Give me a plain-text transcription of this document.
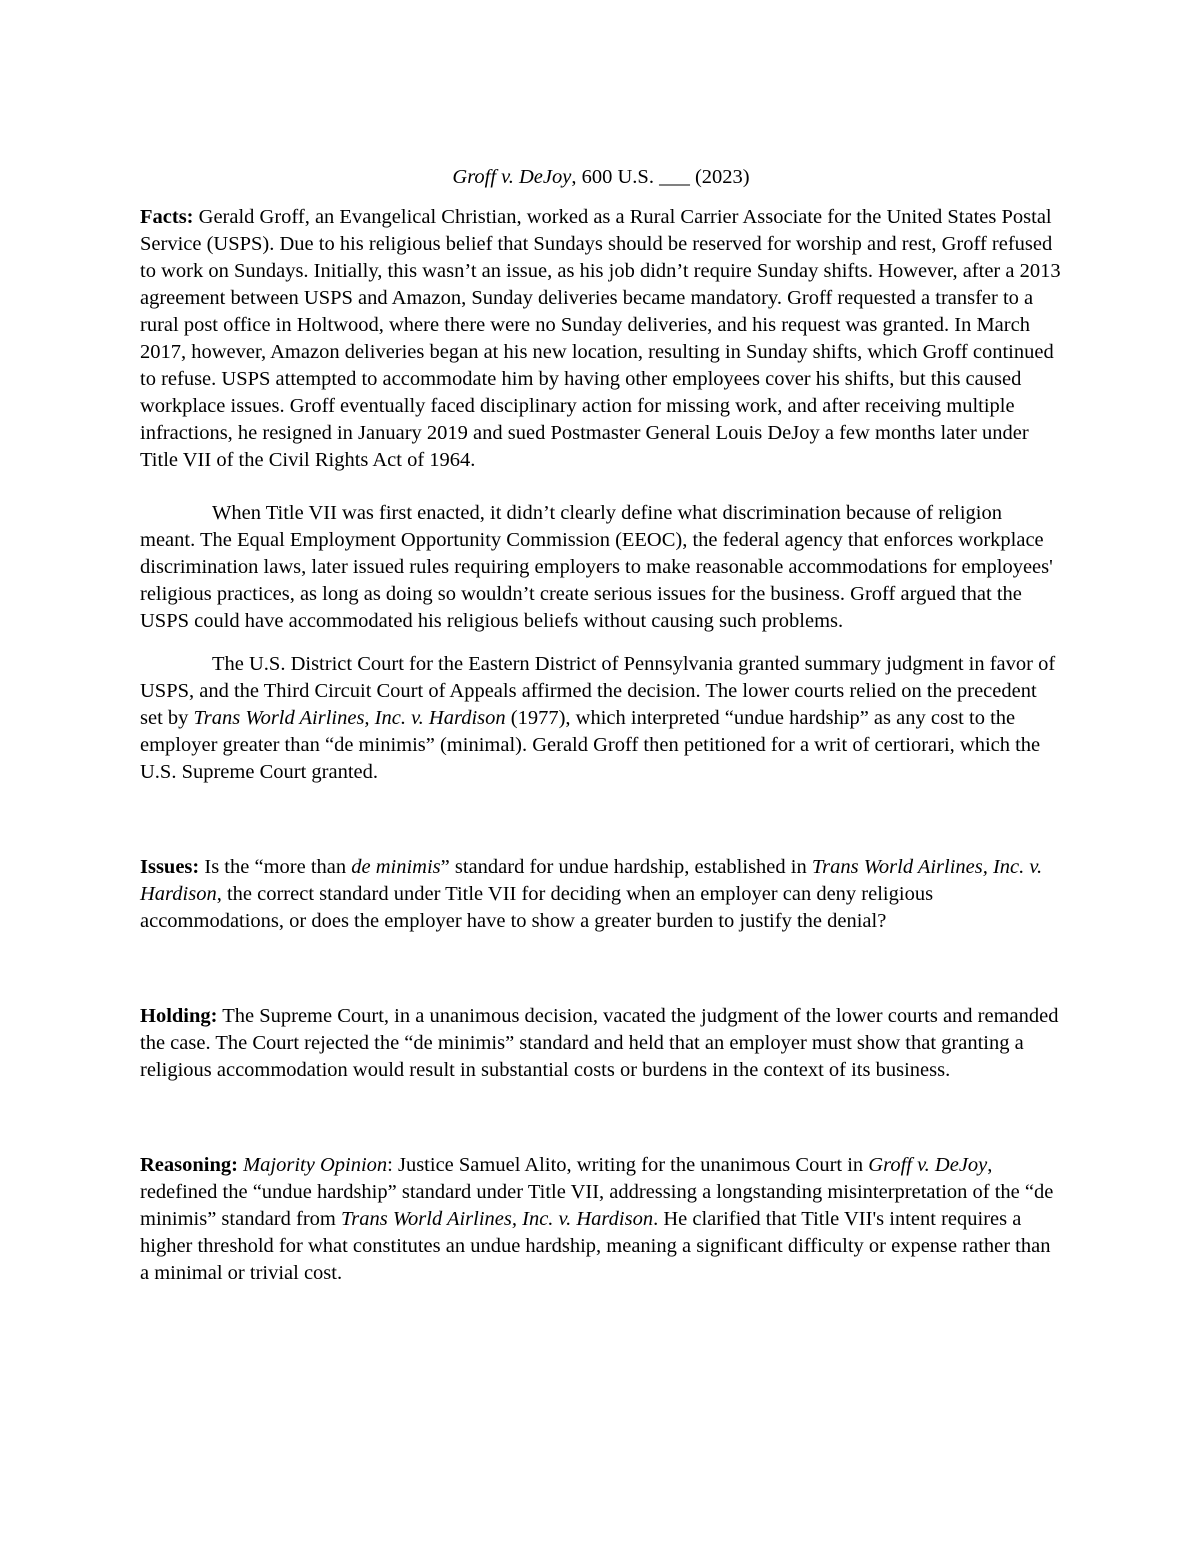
Groff v. DeJoy, 600 U.S. ___ (2023)

Facts: Gerald Groff, an Evangelical Christian, worked as a Rural Carrier Associate for the United States Postal Service (USPS). Due to his religious belief that Sundays should be reserved for worship and rest, Groff refused to work on Sundays. Initially, this wasn’t an issue, as his job didn’t require Sunday shifts. However, after a 2013 agreement between USPS and Amazon, Sunday deliveries became mandatory. Groff requested a transfer to a rural post office in Holtwood, where there were no Sunday deliveries, and his request was granted. In March 2017, however, Amazon deliveries began at his new location, resulting in Sunday shifts, which Groff continued to refuse. USPS attempted to accommodate him by having other employees cover his shifts, but this caused workplace issues. Groff eventually faced disciplinary action for missing work, and after receiving multiple infractions, he resigned in January 2019 and sued Postmaster General Louis DeJoy a few months later under Title VII of the Civil Rights Act of 1964.

When Title VII was first enacted, it didn’t clearly define what discrimination because of religion meant. The Equal Employment Opportunity Commission (EEOC), the federal agency that enforces workplace discrimination laws, later issued rules requiring employers to make reasonable accommodations for employees' religious practices, as long as doing so wouldn’t create serious issues for the business. Groff argued that the USPS could have accommodated his religious beliefs without causing such problems.

The U.S. District Court for the Eastern District of Pennsylvania granted summary judgment in favor of USPS, and the Third Circuit Court of Appeals affirmed the decision. The lower courts relied on the precedent set by Trans World Airlines, Inc. v. Hardison (1977), which interpreted “undue hardship” as any cost to the employer greater than “de minimis” (minimal). Gerald Groff then petitioned for a writ of certiorari, which the U.S. Supreme Court granted.

Issues: Is the “more than de minimis” standard for undue hardship, established in Trans World Airlines, Inc. v. Hardison, the correct standard under Title VII for deciding when an employer can deny religious accommodations, or does the employer have to show a greater burden to justify the denial?

Holding: The Supreme Court, in a unanimous decision, vacated the judgment of the lower courts and remanded the case. The Court rejected the “de minimis” standard and held that an employer must show that granting a religious accommodation would result in substantial costs or burdens in the context of its business.

Reasoning: Majority Opinion: Justice Samuel Alito, writing for the unanimous Court in Groff v. DeJoy, redefined the “undue hardship” standard under Title VII, addressing a longstanding misinterpretation of the “de minimis” standard from Trans World Airlines, Inc. v. Hardison. He clarified that Title VII's intent requires a higher threshold for what constitutes an undue hardship, meaning a significant difficulty or expense rather than a minimal or trivial cost.
